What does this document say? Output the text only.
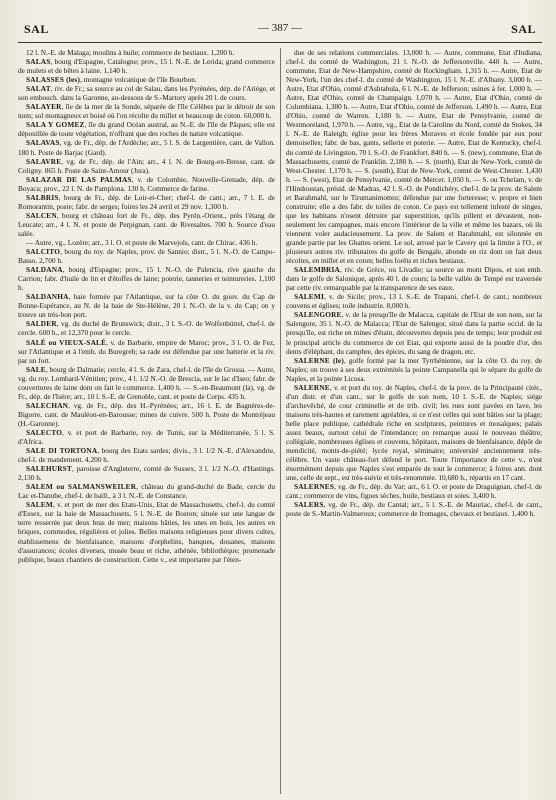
SAL	— 387 —	SAL

12 l. N.-E. de Malaga; moulins à huile; commerce de bestiaux. 1,200 h.

SALAS, bourg d'Espagne, Catalogne; prov., 15 l. N.-E. de Lerida; grand commerce de mulets et de bêtes à laine. 1,140 h.

SALASSES (les), montagne volcanique de l'île Bourbon.

SALAT, riv. de Fr.; sa source au col de Salau, dans les Pyrénées, dép. de l'Ariége, et son embouch. dans la Garonne, au-dessous de S.-Martory après 20 l. de cours.

SALAYER, île de la mer de la Sonde, séparée de l'île Célèbes par le détroit de son nom; sol montagneux et boisé où l'on récolte du millet et beaucoup de coton. 60,000 h.

SALA Y GOMEZ, île du grand Océan austral, au N.-E. de l'île de Pâques; elle est dépouillée de toute végétation, n'offrant que des roches de nature volcanique.

SALAVAS, vg. de Fr., dép. de l'Ardèche; arr., 5 l. S. de Largentière, cant. de Vallon. 180 h. Poste de Barjac (Gard).

SALAVRE, vg. de Fr., dép. de l'Ain; arr., 4 l. N. de Bourg-en-Bresse, cant. de Coligny. 865 h. Poste de Saint-Amour (Jura).

SALAZAR DE LAS PALMAS, v. de Colombie, Nouvelle-Grenade, dép. de Boyaca; prov., 22 l. N. de Pamplona. 130 h. Commerce de farine.

SALBRIS, bourg de Fr., dép. de Loir-et-Cher; chef-l. de cant.; arr., 7 l. E. de Romorantin, poste; fabr. de serges; foires les 24 avril et 29 nov. 1,300 h.

SALCEN, bourg et château fort de Fr., dép. des Pyrén.-Orient., près l'étang de Leucate; arr., 4 l. N. et poste de Perpignan, cant. de Rivesaltes. 700 h. Source d'eau salée.

— Autre, vg., Lozère; arr., 3 l. O. et poste de Marvejols, cant. de Chirac. 436 h.

SALCITO, bourg du roy. de Naples, prov. de Sannio; distr., 5 l. N.-O. de Campo-Basso. 2,700 h.

SALDANA, bourg d'Espagne; prov., 15 l. N.-O. de Palencia, rive gauche du Carrion; fabr. d'huile de lin et d'étoffes de laine; poterie, tanneries et teintureries. 1,100 h.

SALDANHA, baie formée par l'Atlantique, sur la côte O. du gouv. du Cap de Bonne-Espérance, au N. de la baie de Ste-Hélène, 20 l. N.-O. de la v. du Cap; on y trouve un très-bon port.

SALDER, vg. du duché de Brunswick; distr., 3 l. S.-O. de Wolfenbüttel, chef-l. de cercle. 600 h., et 12,370 pour le cercle.

SALÉ ou VIEUX-SALÉ, v. de Barbarie, empire de Maroc; prov., 3 l. O. de Fez, sur l'Atlantique et à l'emb. du Buregreb; sa rade est défendue par une batterie et la riv. par un fort.

SALE, bourg de Dalmatie; cercle, 4 l. S. de Zara, chef-l. de l'île de Grossa. — Autre, vg. du roy. Lombard-Vénitien; prov., 4 l. 1/2 N.-O. de Brescia, sur le lac d'Iseo; fabr. de couvertures de laine dont on fait le commerce. 1,400 h. — S.-en-Beaumont (la), vg. de Fr., dép. de l'Isère; arr., 10 l. S.-E. de Grenoble, cant. et poste de Corps. 435 h.

SALECHAN, vg. de Fr., dép. des H.-Pyrénées; arr., 16 l. E. de Bagnères-de-Bigorre, cant. de Mauléon-en-Barousse; mines de cuivre. 500 h. Poste de Montréjeau (H.-Garonne).

SALECTO, v. et port de Barbarie, roy. de Tunis, sur la Méditerranée, 5 l. S. d'Africa.

SALE DI TORTONA, bourg des Etats sardes; divis., 3 l. 1/2 N.-E. d'Alexandrie, chef-l. de mandement. 4,200 h.

SALEHURST, paroisse d'Angleterre, comté de Sussex, 3 l. 1/2 N.-O. d'Hastings. 2,130 h.

SALEM ou SALMANSWEILER, château du grand-duché de Bade, cercle du Lac et-Danube, chef-l. de baill., à 3 l. N.-E. de Constance.

SALEM, v. et port de mer des Etats-Unis, Etat de Massachusetts, chef-l. du comté d'Essex, sur la baie de Massachusets, 5 l. N.-E. de Boston; située sur une langue de terre resserrée par deux bras de mer; maisons bâties, les unes en bois, les autres en briques, commodes, régulières et jolies. Belles maisons religieuses pour divers cultes, établissemens de bienfaisance, maisons d'orphelins, banques, douanes, maisons d'assurances; écoles diverses, musée beau et riche, athénée, bibliothèque; promenade publique, beaux chantiers de construction. Cette v., est importante par l'éten-

due de ses relations commerciales. 13,000 h. — Autre, commune, Etat d'Indiana, chef-l. du comté de Washington, 21 l. N.-O. de Jeffersonville. 440 h. — Autre, commune, Etat de New-Hampshire, comté de Rockingham. 1,315 h. — Autre, Etat de New-York, l'un des chef-l. du comté de Washington, 15 l. N.-E. d'Albany. 3,000 h. — Autre, Etat d'Ohio, comté d'Ashtabula, 6 l. N.-E. de Jefferson; usines à fer. 1,000 h. — Autre, Etat d'Ohio, comté de Champaign. 1,070 h. — Autre, Etat d'Ohio, comté de Columbiana. 1,380 h. — Autre, Etat d'Ohio, comté de Jefferson. 1,490 h. — Autre, Etat d'Ohio, comté de Warren. 1,180 h. — Autre, Etat de Pensylvanie, comté de Westmoreland, 1,970 h. — Autre, vg., Etat de la Caroline du Nord, comté de Stokes, 34 l. N.-E. de Raleigh; église pour les frères Moraves et école fondée par eux pour demoiselles; fabr. de bas, gants, sellerie et poterie. — Autre, Etat de Kentucky, chef-l. du comté de Livingston, 70 l. S.-O. de Frankfort. 840 h. — S. (new), commune, Etat de Massachusetts, comté de Franklin. 2,180 h. — S. (north), Etat de New-York, comté de West-Chester. 1,170 h. — S. (south), Etat de New-York, comté de West-Chester. 1,430 h. — S. (west), Etat de Pensylvanie, comté de Mercer. 1,050 h. — S. ou Tchelam, v. de l'Hindoustan, présid. de Madras, 42 l. S.-O. de Pondichéry, chef-l. de la prov. de Salem et Barahmahl, sur le Tirumanimotteu; défendue par une forteresse; v. propre et bien construite; elle a des fabr. de toiles de coton. Ce pays est tellement infesté de singes, que les habitans n'osent détruire par superstition, qu'ils pillent et dévastent, non-seulement les campagnes, mais encore l'intérieur de la ville et même les bazars, où ils viennent voler audacieusement. La prov. de Salem et Barahmahl, est silonnée en grande partie par les Ghattes orient. Le sol, arrosé par le Cavery qui la limite à l'O., et plusieurs autres riv. tributaires du golfe de Bengale, abonde en riz dont on fait deux récoltes, en millet et en coton; belles forêts et riches bestiaux.

SALEMBRIA, riv. de Grèce, ou Livadie; sa source au mont Dipos, et son emb. dans le golfe de Salonique, après 40 l. de cours; la belle vallée de Tempé est traversée par cette riv. remarquable par la transparence de ses eaux.

SALEMI, v. de Sicile; prov., 13 l. S.-E. de Trapani, chef-l. de cant.; nombreux couvens et églises; toile industrie. 8,000 h.

SALENGORE, v. de la presqu'île de Malacca, capitale de l'Etat de son nom, sur la Salengore, 35 l. N.-O. de Malacca; l'Etat de Salengor, situé dans la partie occid. de la presqu'île, est riche en mines d'étain, découvertes depuis peu de temps; leur produit est le principal article du commerce de cet Etat, qui exporte aussi de la poudre d'or, des dents d'éléphant, du camphre, des épices, du sang de dragon, etc.

SALERNE (le), golfe formé par la mer Tyrrhénienne, sur la côte O. du roy. de Naples; on trouve à ses deux extrémités la pointe Campanella qui le sépare du golfe de Naples, et la pointe Licosa.

SALERNE, v. et port du roy. de Naples, chef-l. de la prov. de la Principauté citér., d'un distr. et d'un cant., sur le golfe de son nom, 10 l. S.-E. de Naples; siége d'archevêché, de cour criminelle et de trib. civil; les rues sont pavées en lave, les maisons très-hautes et rarement agréables, si ce n'est celles qui sont bâties sur la plage; belle place publique, cathédrale riche en sculptures, peintures et mosaïques; palais assez beaux, surtout celui de l'intendance; on remarque aussi le nouveau théâtre; collégiale, nombreuses églises et couvens, hôpitaux, maisons de bienfaisance, dépôt de mendicité, monts-de-piété; lycée royal, séminaire; université anciennement très-célèbre. Un vaste château-fort défend le port. Toute l'importance de cette v., n'est énormément depuis que Naples s'est emparée de tout le commerce; à foires ann. dont une, celle de sept., est très-suivie et très-renommée. 10,680 h., répartis en 17 cant.

SALERNES, vg. de Fr., dép. du Var; arr., 6 l. O. et poste de Draguignan, chef-l. de cant.; commerce de vins, figues sèches, huile, bestiaux et soies. 3,400 h.

SALERS, vg. de Fr., dép. du Cantal; arr., 5 l. S.-E. de Mauriac, chef-l. de cant., poste de S.-Martin-Valmeroux; commerce de fromages, chevaux et bestiaux. 1,400 h.
